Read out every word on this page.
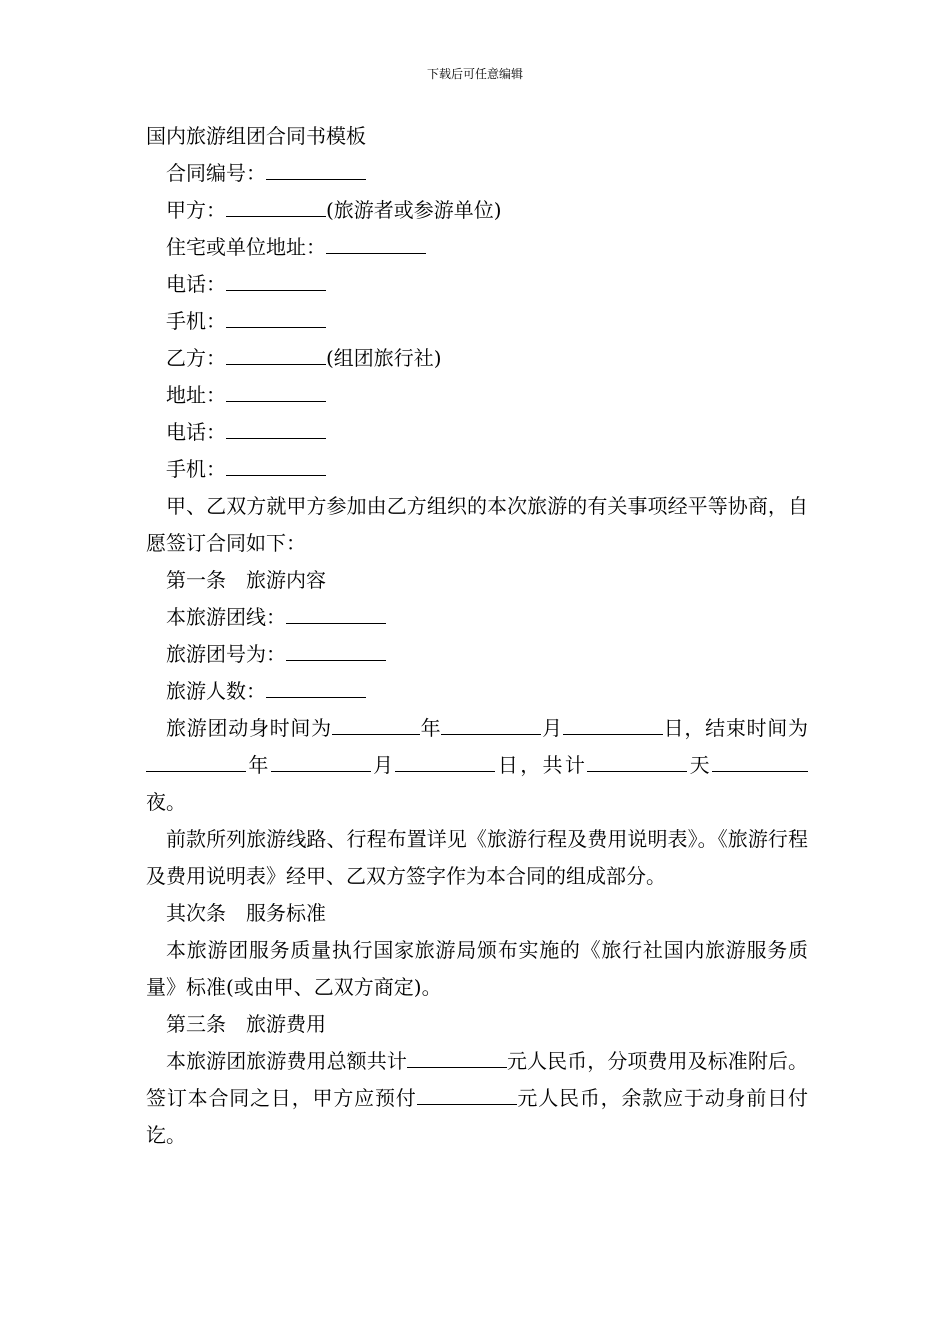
下载后可任意编辑
国内旅游组团合同书模板
合同编号：
甲方：	(旅游者或参游单位)
住宅或单位地址：
电话：
手机：
乙方：	(组团旅行社)
地址：
电话：
手机：
甲、乙双方就甲方参加由乙方组织的本次旅游的有关事项经平等协商，自愿签订合同如下：
第一条　旅游内容
本旅游团线：
旅游团号为：
旅游人数：
旅游团动身时间为	年	月	日，结束时间为年	月	日，共计	天夜。
前款所列旅游线路、行程布置详见《旅游行程及费用说明表》。《旅游行程及费用说明表》经甲、乙双方签字作为本合同的组成部分。
其次条　服务标准
本旅游团服务质量执行国家旅游局颁布实施的《旅行社国内旅游服务质量》标准(或由甲、乙双方商定)。
第三条　旅游费用
本旅游团旅游费用总额共计	元人民币，分项费用及标准附后。签订本合同之日，甲方应预付	元人民币，余款应于动身前日付讫。
